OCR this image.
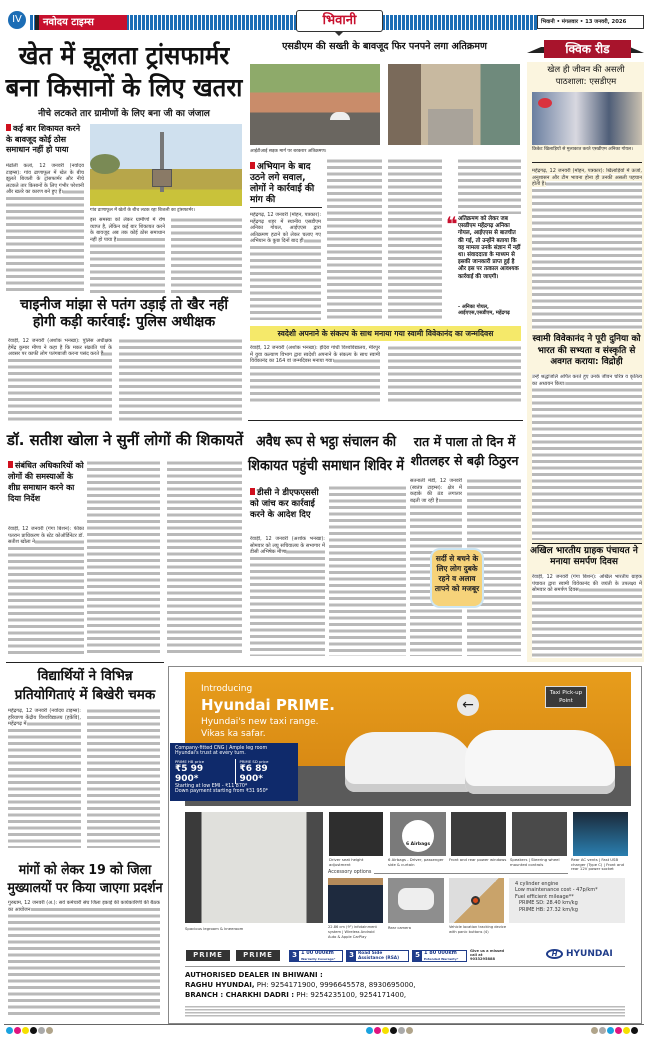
IV	नवोदय टाइम्स	भिवानी	भिवानी • मंगलवार • 13 जनवरी, 2026
खेत में झूलता ट्रांसफार्मर
बना किसानों के लिए खतरा
नीचे लटकते तार ग्रामीणों के लिए बना जी का जंजाल
कई बार शिकायत करने के बावजूद कोई ठोस समाधान नहीं हो पाया
गांव ढाणाफूल में खेतों के बीच लटक रहा बिजली का ट्रांसफार्मर।
मंढोली कलां, 12 जनवरी (नवोदय टाइम्स): गांव ढाणाफूल में खेत के बीच झूलते बिजली के ट्रांसफार्मर और नीचे लटकते तार किसानों के लिए गंभीर परेशानी और खतरे का कारण बने हुए हैं।
इस समस्या को लेकर ग्रामीणों में रोष व्याप्त है, लेकिन कई बार शिकायत करने के बावजूद अब तक कोई ठोस समाधान नहीं हो पाया है।
चाइनीज मांझा से पतंग उड़ाई तो खैर नहीं
होगी कड़ी कार्रवाई: पुलिस अधीक्षक
रेवाड़ी, 12 जनवरी (अशोक भनखा): पुलिस अधीक्षक हेमेंद्र कुमार मीणा ने कहा है कि मकर संक्रांति पर्व के अवसर पर काफी लोग पतंगबाजी करना पसंद करते हैं
डॉ. सतीश खोला ने सुनीं लोगों की शिकायतें
संबंधित अधिकारियों को लोगों की समस्याओं के शीघ्र समाधान करने का दिया निर्देश
रेवाड़ी, 12 जनवरी (गंगा बिशन): फीका पतरान प्राधिकरण के स्टेट कोऑर्डिनेटर डॉ. सतीश खोला ने
एसडीएम की सख्ती के बावजूद फिर पनपने लगा अतिक्रमण
आईटीआई सड़क मार्ग पर बरकरार अतिक्रमण।
अभियान के बाद उठने लगे सवाल, लोगों ने कार्रवाई की मांग की
महेंद्रगढ़, 12 जनवरी (मोहन, पत्रकार): महेंद्रगढ़ शहर में स्थानीय एसडीएम अनिका गोयल, आईएएस द्वारा अतिक्रमण हटाने को लेकर चलाए गए अभियान के कुछ दिनों बाद ही
❝ अतिक्रमण को लेकर जब एसडीएम महेंद्रगढ़ अनिका गोयल, आईएएस से बातचीत की गई, तो उन्होंने बताया कि वह मामला उनके संज्ञान में नहीं था। संवाददाता के माध्यम से इसकी जानकारी प्राप्त हुई है और इस पर तत्काल आवश्यक कार्रवाई की जाएगी।
- अनिका गोयल, आईएएस,एसडीएम, महेंद्रगढ़
स्वदेशी अपनाने के संकल्प के साथ मनाया गया स्वामी विवेकानंद का जन्मदिवस
रेवाड़ी, 12 जनवरी (अशोक भनखा): इंदिरा गांधी विश्वविद्यालय, मीरपुर में युवा कल्याण विभाग द्वारा स्वदेशी अपनाने के संकल्प के साथ स्वामी विवेकानंद का 164 वां जन्मदिवस मनाया गया।
अवैध रूप से भट्ठा संचालन की शिकायत पहुंची समाधान शिविर में
डीसी ने डीएफएससी को जांच कर कार्रवाई करने के आदेश दिए
रेवाड़ी, 12 जनवरी (अशोक भनखा): सोमवार को लघु सचिवालय के सभागार में डीसी अभिषेक मीणा
रात में पाला तो दिन में शीतलहर से बढ़ी ठिठुरन
सतनाली मंडी, 12 जनवरी (स्वतंत्र टाइम्स): क्षेत्र में कड़ाके की ठंड लगातार बढ़ती जा रही है।
सर्दी से बचने के लिए लोग दुबके रहने व अलाव तापने को मजबूर
क्विक रीड
खेल ही जीवन की असली पाठशाला: एसडीएम
क्रिकेट खिलाड़ियों से मुलाकात करते एसडीएम अनिका गोयल।
महेंद्रगढ़, 12 जनवरी (मोहन, पत्रकार): खिलाड़ियों में ऊर्जा, अनुशासन और टीम भावना होना ही उनकी असली पहचान होती है।
स्वामी विवेकानंद ने पूरी दुनिया को भारत की सभ्यता व संस्कृति से अवगत कराया: विद्रोही
उन्हें श्रद्धांजलि अर्पित करते हुए उनके जीवन चरित्र व कृतित्व का अध्ययन किया।
अखिल भारतीय ग्राहक पंचायत ने मनाया समर्पण दिवस
रेवाड़ी, 12 जनवरी (गंगा बिशन): अखिल भारतीय ग्राहक पंचायत द्वारा स्वामी विवेकानंद की जयंती के उपलक्ष्य में सोमवार को समर्पण दिवस
विद्यार्थियों ने विभिन्न प्रतियोगिताएं में बिखेरी चमक
महेंद्रगढ़, 12 जनवरी (नवोदय टाइम्स): हरियाणा केंद्रीय विश्वविद्यालय (हकेंवि), महेंद्रगढ़ में
मांगों को लेकर 19 को जिला मुख्यालयों पर किया जाएगा प्रदर्शन
गुरुग्राम, 12 जनवरी (अ.): सर्व कर्मचारी संघ जिला इकाई की कार्यकारिणी की बैठक का आयोजन
Introducing
Hyundai PRIME.
Hyundai's new taxi range.
Vikas ka safar.
←
Taxi Pick-up Point
Company-fitted CNG | Ample leg room
Hyundai's trust at every turn.
PRIME HB price
₹5 99 900*
PRIME SD price
₹6 89 900*
Starting at low EMI - ₹11 870*
Down payment starting from ₹31 950*
Spacious legroom & kneeroom
6 Airbags
Driver seat height adjustment
6 Airbags - Driver, passenger side & curtain
Front and rear power windows Speakers | Steering wheel mounted controls
Rear AC vents | Fast USB charger (Type C) | Front and rear 12V power socket
Accessory options
22.86 cm (9") infotainment system | Wireless Android Auto & Apple CarPlay
Rear camera	Vehicle location tracking device with panic buttons (4)
4 cylinder engine
Low maintenance cost - 47p/km*
Fuel efficient mileage**
PRIME SD: 28.40 km/kg
PRIME HB: 27.32 km/kg
PRIME	PRIME	3 1 00 000km
Warranty Coverage* 3 Road Side Assistance (RSA)	5 1 80 000km
Extended Warranty*
Give us a missed call at 9033295888
H HYUNDAI
AUTHORISED DEALER IN BHIWANI :
RAGHU HYUNDAI, PH: 9254171900, 9996645578, 8930695000,
BRANCH : CHARKHI DADRI : PH: 9254235100, 9254171400,
